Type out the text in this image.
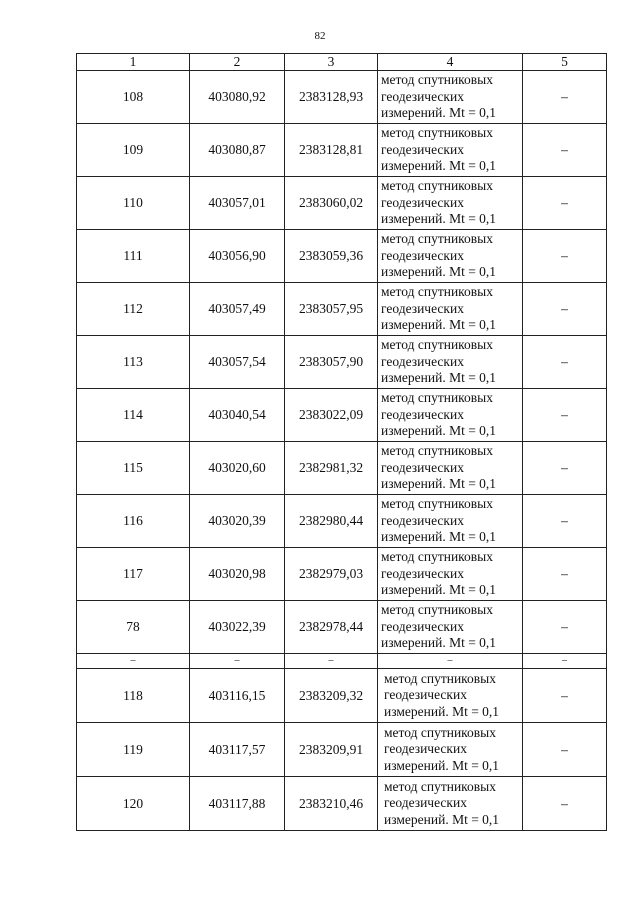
82
1	2	3	4	5
108	403080,92	2383128,93	метод спутниковых
геодезических
измерений. Mt = 0,1	–
109	403080,87	2383128,81	метод спутниковых
геодезических
измерений. Mt = 0,1	–
110	403057,01	2383060,02	метод спутниковых
геодезических
измерений. Mt = 0,1	–
111	403056,90	2383059,36	метод спутниковых
геодезических
измерений. Mt = 0,1	–
112	403057,49	2383057,95	метод спутниковых
геодезических
измерений. Mt = 0,1	–
113	403057,54	2383057,90	метод спутниковых
геодезических
измерений. Mt = 0,1	–
114	403040,54	2383022,09	метод спутниковых
геодезических
измерений. Mt = 0,1	–
115	403020,60	2382981,32	метод спутниковых
геодезических
измерений. Mt = 0,1	–
116	403020,39	2382980,44	метод спутниковых
геодезических
измерений. Mt = 0,1	–
117	403020,98	2382979,03	метод спутниковых
геодезических
измерений. Mt = 0,1	–
78	403022,39	2382978,44	метод спутниковых
геодезических
измерений. Mt = 0,1	–
–	–	–	–	–
118	403116,15	2383209,32	метод спутниковых
геодезических
измерений. Mt = 0,1	–
119	403117,57	2383209,91	метод спутниковых
геодезических
измерений. Mt = 0,1	–
120	403117,88	2383210,46	метод спутниковых
геодезических
измерений. Mt = 0,1	–
